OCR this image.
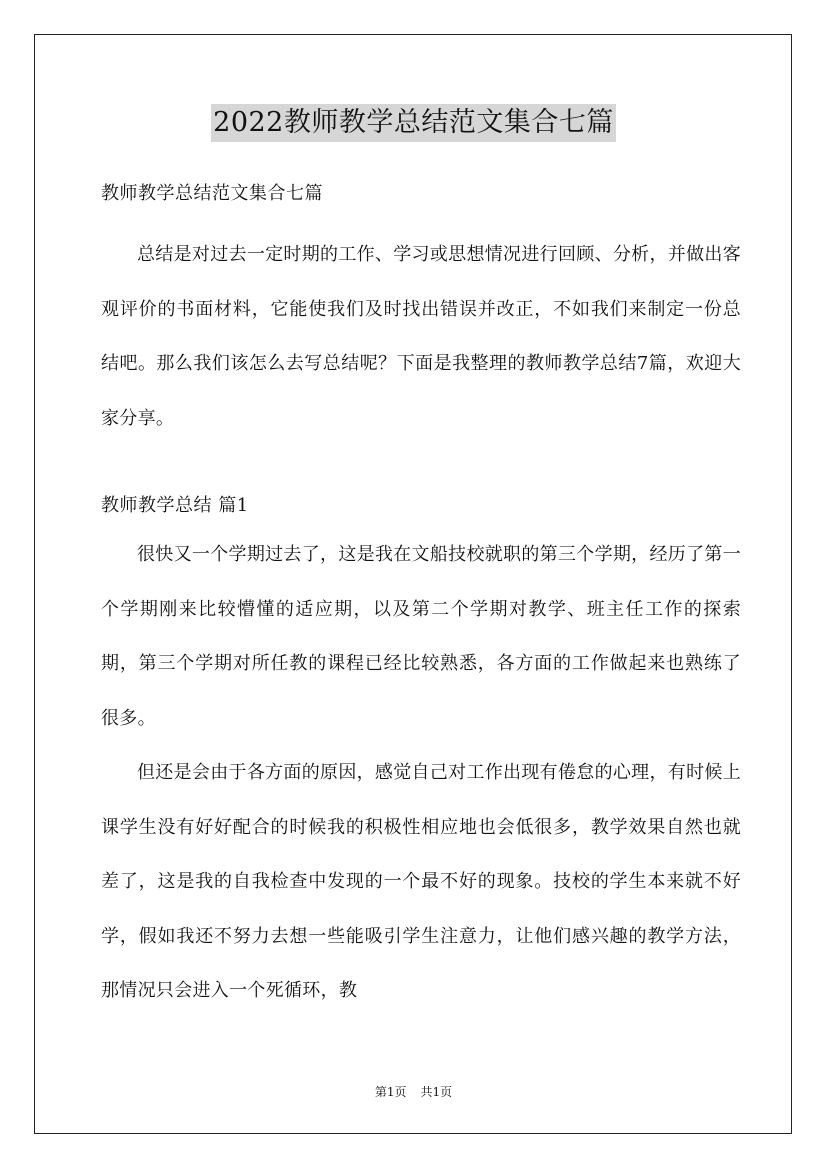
2022教师教学总结范文集合七篇

教师教学总结范文集合七篇

总结是对过去一定时期的工作、学习或思想情况进行回顾、分析，并做出客观评价的书面材料，它能使我们及时找出错误并改正，不如我们来制定一份总结吧。那么我们该怎么去写总结呢？下面是我整理的教师教学总结7篇，欢迎大家分享。

教师教学总结 篇1

很快又一个学期过去了，这是我在文船技校就职的第三个学期，经历了第一个学期刚来比较懵懂的适应期，以及第二个学期对教学、班主任工作的探索期，第三个学期对所任教的课程已经比较熟悉，各方面的工作做起来也熟练了很多。

但还是会由于各方面的原因，感觉自己对工作出现有倦怠的心理，有时候上课学生没有好好配合的时候我的积极性相应地也会低很多，教学效果自然也就差了，这是我的自我检查中发现的一个最不好的现象。技校的学生本来就不好学，假如我还不努力去想一些能吸引学生注意力，让他们感兴趣的教学方法，那情况只会进入一个死循环，教

第1页 共1页
